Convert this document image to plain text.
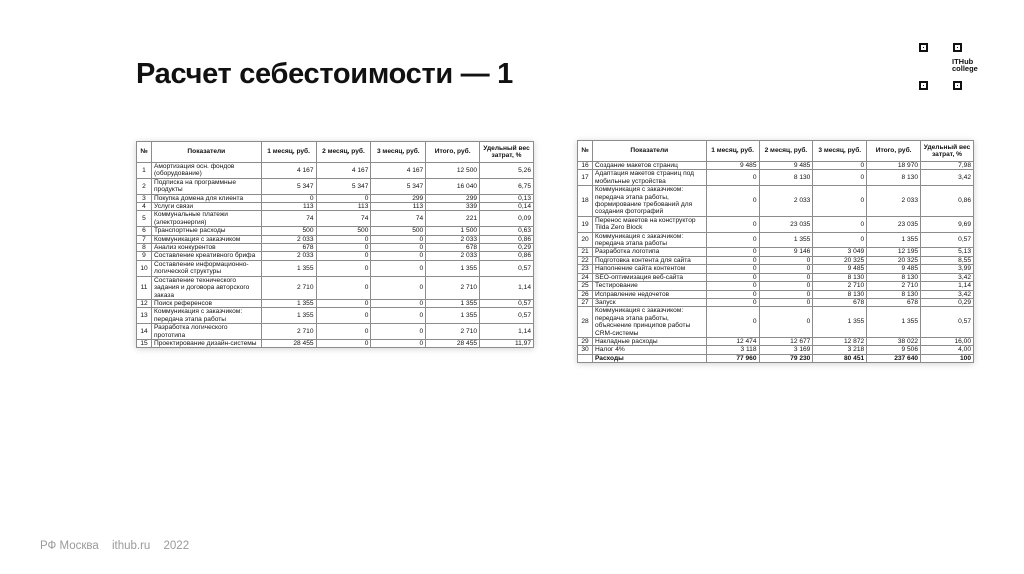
Расчет себестоимости — 1	ITHub
college
№	Показатели	1 месяц, руб.	2 месяц, руб.	3 месяц, руб.	Итого, руб.	Удельный вес затрат, %
1	Амортизация осн. фондов (оборудование)	4 167	4 167	4 167	12 500	5,26
2	Подписка на программные продукты	5 347	5 347	5 347	16 040	6,75
3	Покупка домена для клиента	0	0	299	299	0,13
4	Услуги связи	113	113	113	339	0,14
5	Коммунальные платежи (электроэнергия)	74	74	74	221	0,09
6	Транспортные расходы	500	500	500	1 500	0,63
7	Коммуникация с заказчиком	2 033	0	0	2 033	0,86
8	Анализ конкурентов	678	0	0	678	0,29
9	Составление креативного брифа	2 033	0	0	2 033	0,86
10	Составление информационно-логической структуры	1 355	0	0	1 355	0,57
11	Составление технического задания и договора авторского заказа	2 710	0	0	2 710	1,14
12	Поиск референсов	1 355	0	0	1 355	0,57
13	Коммуникация с заказчиком: передача этапа работы	1 355	0	0	1 355	0,57
14	Разработка логического прототипа	2 710	0	0	2 710	1,14
15	Проектирование дизайн-системы	28 455	0	0	28 455	11,97
№	Показатели	1 месяц, руб.	2 месяц, руб.	3 месяц, руб.	Итого, руб.	Удельный вес затрат, %
16	Создание макетов страниц	9 485	9 485	0	18 970	7,98
17	Адаптация макетов страниц под мобильные устройства	0	8 130	0	8 130	3,42
18	Коммуникация с заказчиком: передача этапа работы, формирование требований для создания фотографий	0	2 033	0	2 033	0,86
19	Перенос макетов на конструктор Tilda Zero Block	0	23 035	0	23 035	9,69
20	Коммуникация с заказчиком: передача этапа работы	0	1 355	0	1 355	0,57
21	Разработка логотипа	0	9 146	3 049	12 195	5,13
22	Подготовка контента для сайта	0	0	20 325	20 325	8,55
23	Наполнение сайта контентом	0	0	9 485	9 485	3,99
24	SEO-оптимизация веб-сайта	0	0	8 130	8 130	3,42
25	Тестирование	0	0	2 710	2 710	1,14
26	Исправление недочетов	0	0	8 130	8 130	3,42
27	Запуск	0	0	678	678	0,29
28	Коммуникация с заказчиком: передача этапа работы, объяснение принципов работы CRM-системы	0	0	1 355	1 355	0,57
29	Накладные расходы	12 474	12 677	12 872	38 022	16,00
30	Налог 4%	3 118	3 169	3 218	9 506	4,00
	Расходы	77 960	79 230	80 451	237 640	100
РФ Москва ithub.ru 2022
